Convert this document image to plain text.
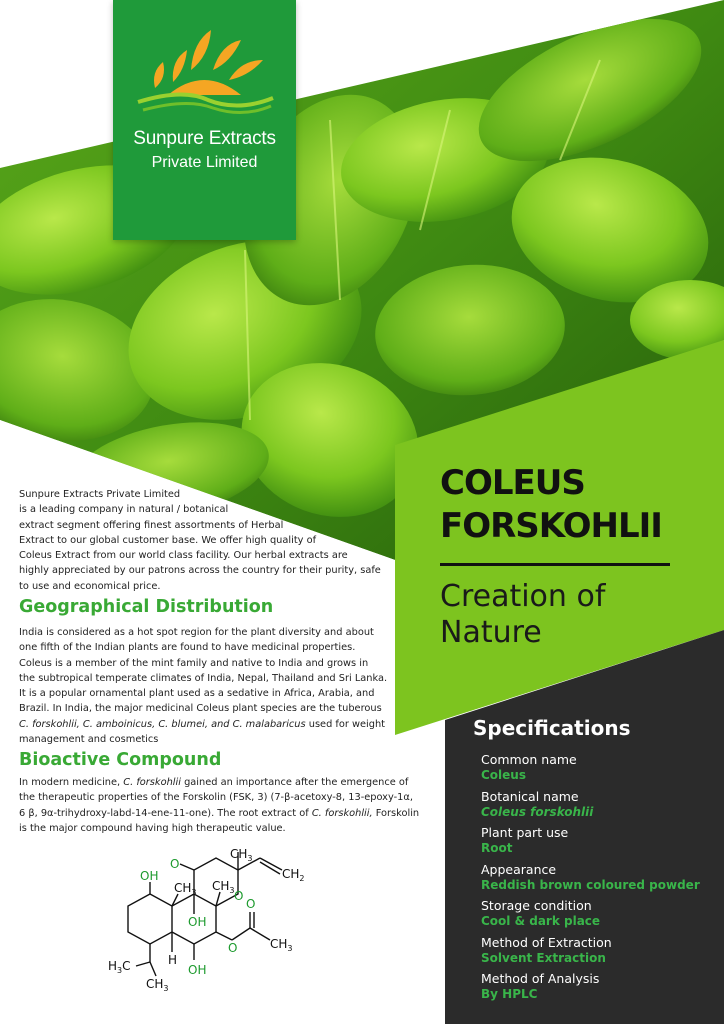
Sunpure Extracts
Private Limited
COLEUS
FORSKOHLII
Creation of
Nature
Sunpure Extracts Private Limited
is a leading company in natural / botanical
extract segment offering finest assortments of Herbal
Extract to our global customer base. We offer high quality of
Coleus Extract from our world class facility. Our herbal extracts are
highly appreciated by our patrons across the country for their purity, safe
to use and economical price.
Geographical Distribution
India is considered as a hot spot region for the plant diversity and about
one fifth of the Indian plants are found to have medicinal properties.
Coleus is a member of the mint family and native to India and grows in
the subtropical temperate climates of India, Nepal, Thailand and Sri Lanka.
It is a popular ornamental plant used as a sedative in Africa, Arabia, and
Brazil. In India, the major medicinal Coleus plant species are the tuberous
C. forskohlii, C. amboinicus, C. blumei, and C. malabaricus used for weight
management and cosmetics
Bioactive Compound
In modern medicine, C. forskohlii gained an importance after the emergence of
the therapeutic properties of the Forskolin (FSK, 3) (7-β-acetoxy-8, 13-epoxy-1α,
6 β, 9α-trihydroxy-labd-14-ene-11-one). The root extract of C. forskohlii, Forskolin
is the major compound having high therapeutic value.
O
$CH_3$
$CH_2$
OH
$CH_3$ $CH_3$ O
OH
O
O
$CH_3$
$H_3C$	H
OH
$CH_3$
Specifications
Common name
Coleus
Botanical name
Coleus forskohlii
Plant part use
Root
Appearance
Reddish brown coloured powder
Storage condition
Cool & dark place
Method of Extraction
Solvent Extraction
Method of Analysis
By HPLC
